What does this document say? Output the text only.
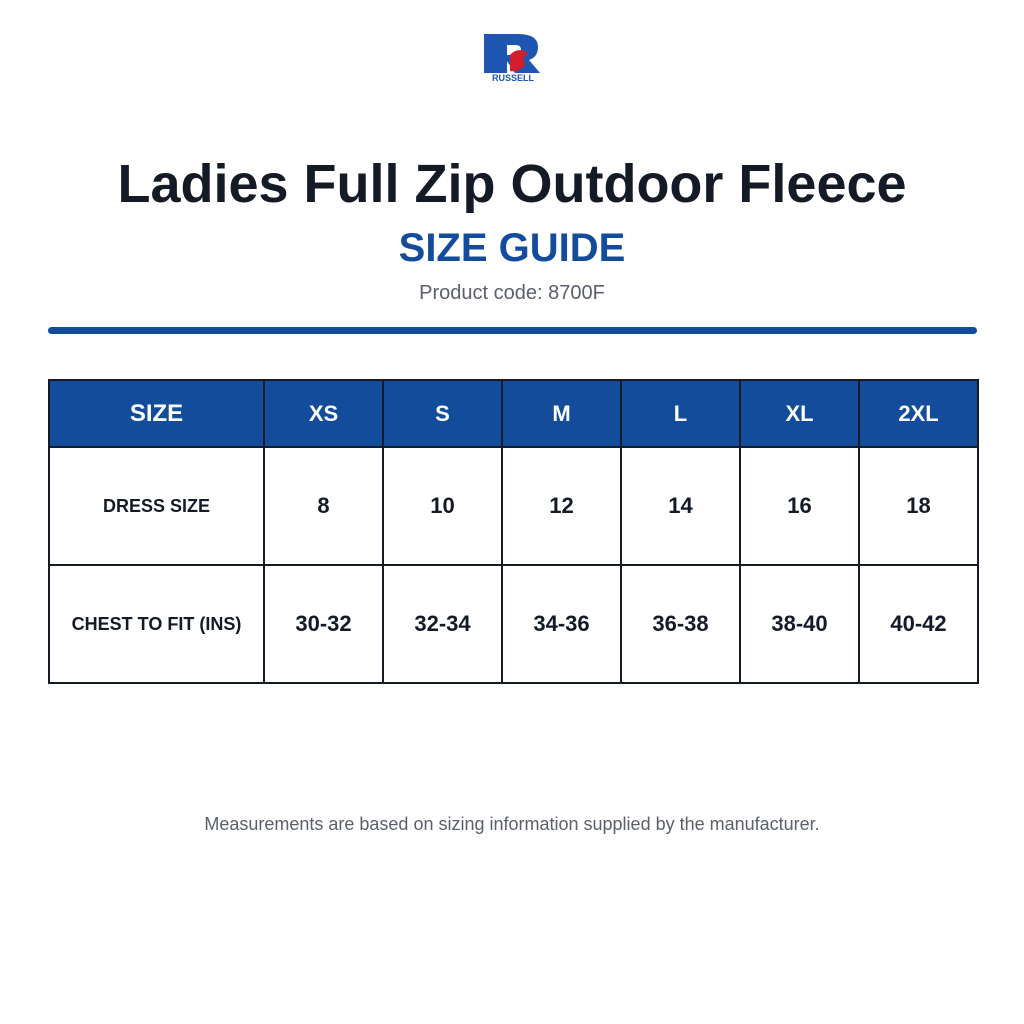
RUSSELL
Ladies Full Zip Outdoor Fleece
SIZE GUIDE
Product code: 8700F
SIZE	XS	S	M	L	XL	2XL
DRESS SIZE	8	10	12	14	16	18
CHEST TO FIT (INS)	30-32	32-34	34-36	36-38	38-40	40-42
Measurements are based on sizing information supplied by the manufacturer.
